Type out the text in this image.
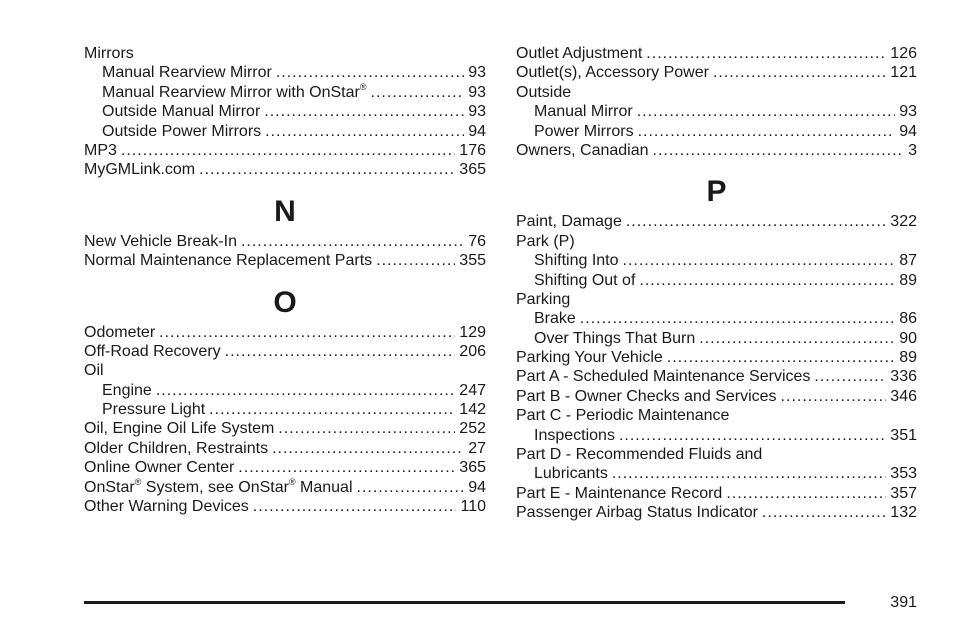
Mirrors
Manual Rearview Mirror .....	93
Manual Rearview Mirror with OnStar® .....	93
Outside Manual Mirror .....	93
Outside Power Mirrors .....	94
MP3 .....	176
MyGMLink.com .....	365
N
New Vehicle Break-In .....	76
Normal Maintenance Replacement Parts .....	355
O
Odometer .....	129
Off-Road Recovery .....	206
Oil
Engine .....	247
Pressure Light .....	142
Oil, Engine Oil Life System .....	252
Older Children, Restraints .....	27
Online Owner Center .....	365
OnStar® System, see OnStar® Manual .....	94
Other Warning Devices .....	110
Outlet Adjustment .....	126
Outlet(s), Accessory Power .....	121
Outside
Manual Mirror .....	93
Power Mirrors .....	94
Owners, Canadian .....	3
P
Paint, Damage .....	322
Park (P)
Shifting Into .....	87
Shifting Out of .....	89
Parking
Brake .....	86
Over Things That Burn .....	90
Parking Your Vehicle .....	89
Part A - Scheduled Maintenance Services .....	336
Part B - Owner Checks and Services .....	346
Part C - Periodic Maintenance
Inspections .....	351
Part D - Recommended Fluids and
Lubricants .....	353
Part E - Maintenance Record .....	357
Passenger Airbag Status Indicator .....	132
391
